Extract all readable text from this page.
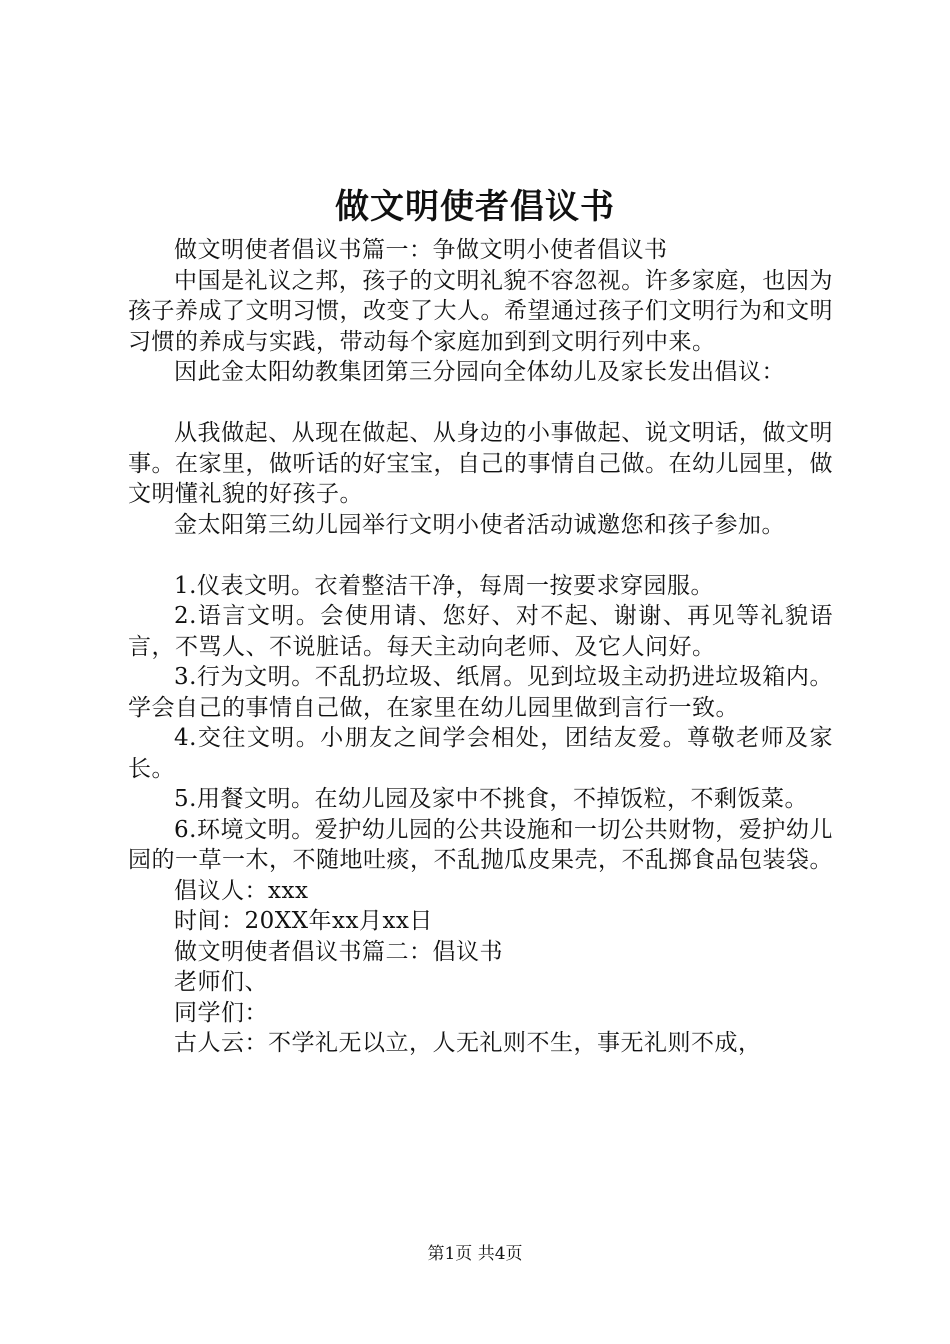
做文明使者倡议书

做文明使者倡议书篇一：争做文明小使者倡议书

中国是礼议之邦，孩子的文明礼貌不容忽视。许多家庭，也因为孩子养成了文明习惯，改变了大人。希望通过孩子们文明行为和文明习惯的养成与实践，带动每个家庭加到到文明行列中来。

因此金太阳幼教集团第三分园向全体幼儿及家长发出倡议：

从我做起、从现在做起、从身边的小事做起、说文明话，做文明事。在家里，做听话的好宝宝，自己的事情自己做。在幼儿园里，做文明懂礼貌的好孩子。

金太阳第三幼儿园举行文明小使者活动诚邀您和孩子参加。

1.仪表文明。衣着整洁干净，每周一按要求穿园服。

2.语言文明。会使用请、您好、对不起、谢谢、再见等礼貌语言，不骂人、不说脏话。每天主动向老师、及它人问好。

3.行为文明。不乱扔垃圾、纸屑。见到垃圾主动扔进垃圾箱内。学会自己的事情自己做，在家里在幼儿园里做到言行一致。

4.交往文明。小朋友之间学会相处，团结友爱。尊敬老师及家长。

5.用餐文明。在幼儿园及家中不挑食，不掉饭粒，不剩饭菜。

6.环境文明。爱护幼儿园的公共设施和一切公共财物，爱护幼儿园的一草一木，不随地吐痰，不乱抛瓜皮果壳，不乱掷食品包装袋。

倡议人：xxx

时间：20XX年xx月xx日

做文明使者倡议书篇二：倡议书

老师们、

同学们：

古人云：不学礼无以立，人无礼则不生，事无礼则不成，

第1页 共4页
